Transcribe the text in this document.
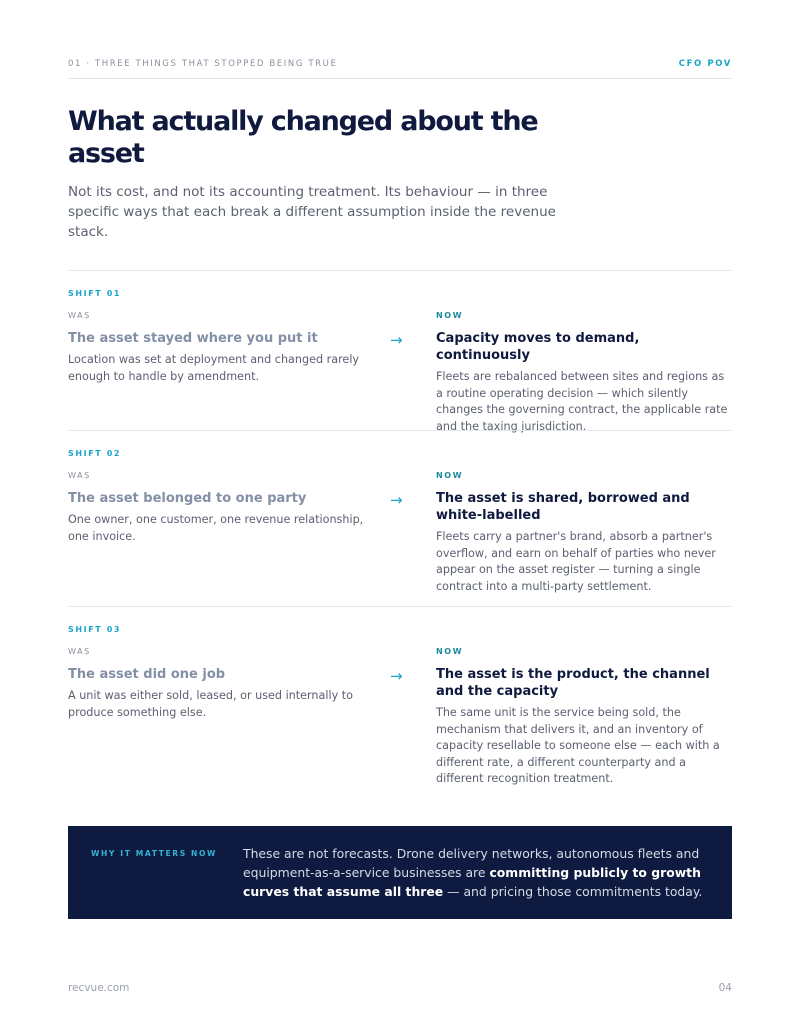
01 · THREE THINGS THAT STOPPED BEING TRUE	CFO POV
What actually changed about the asset

Not its cost, and not its accounting treatment. Its behaviour — in three specific ways that each break a different assumption inside the revenue stack.

SHIFT 01
WAS
The asset stayed where you put it
Location was set at deployment and changed rarely enough to handle by amendment.
→
NOW
Capacity moves to demand, continuously
Fleets are rebalanced between sites and regions as a routine operating decision — which silently changes the governing contract, the applicable rate and the taxing jurisdiction.
SHIFT 02
WAS
The asset belonged to one party
One owner, one customer, one revenue relationship, one invoice.
→
NOW
The asset is shared, borrowed and white-labelled
Fleets carry a partner's brand, absorb a partner's overflow, and earn on behalf of parties who never appear on the asset register — turning a single contract into a multi-party settlement.
SHIFT 03
WAS
The asset did one job
A unit was either sold, leased, or used internally to produce something else.
→
NOW
The asset is the product, the channel and the capacity
The same unit is the service being sold, the mechanism that delivers it, and an inventory of capacity resellable to someone else — each with a different rate, a different counterparty and a different recognition treatment.
WHY IT MATTERS NOW These are not forecasts. Drone delivery networks, autonomous fleets and equipment-as-a-service businesses are committing publicly to growth curves that assume all three — and pricing those commitments today.

recvue.com	04
